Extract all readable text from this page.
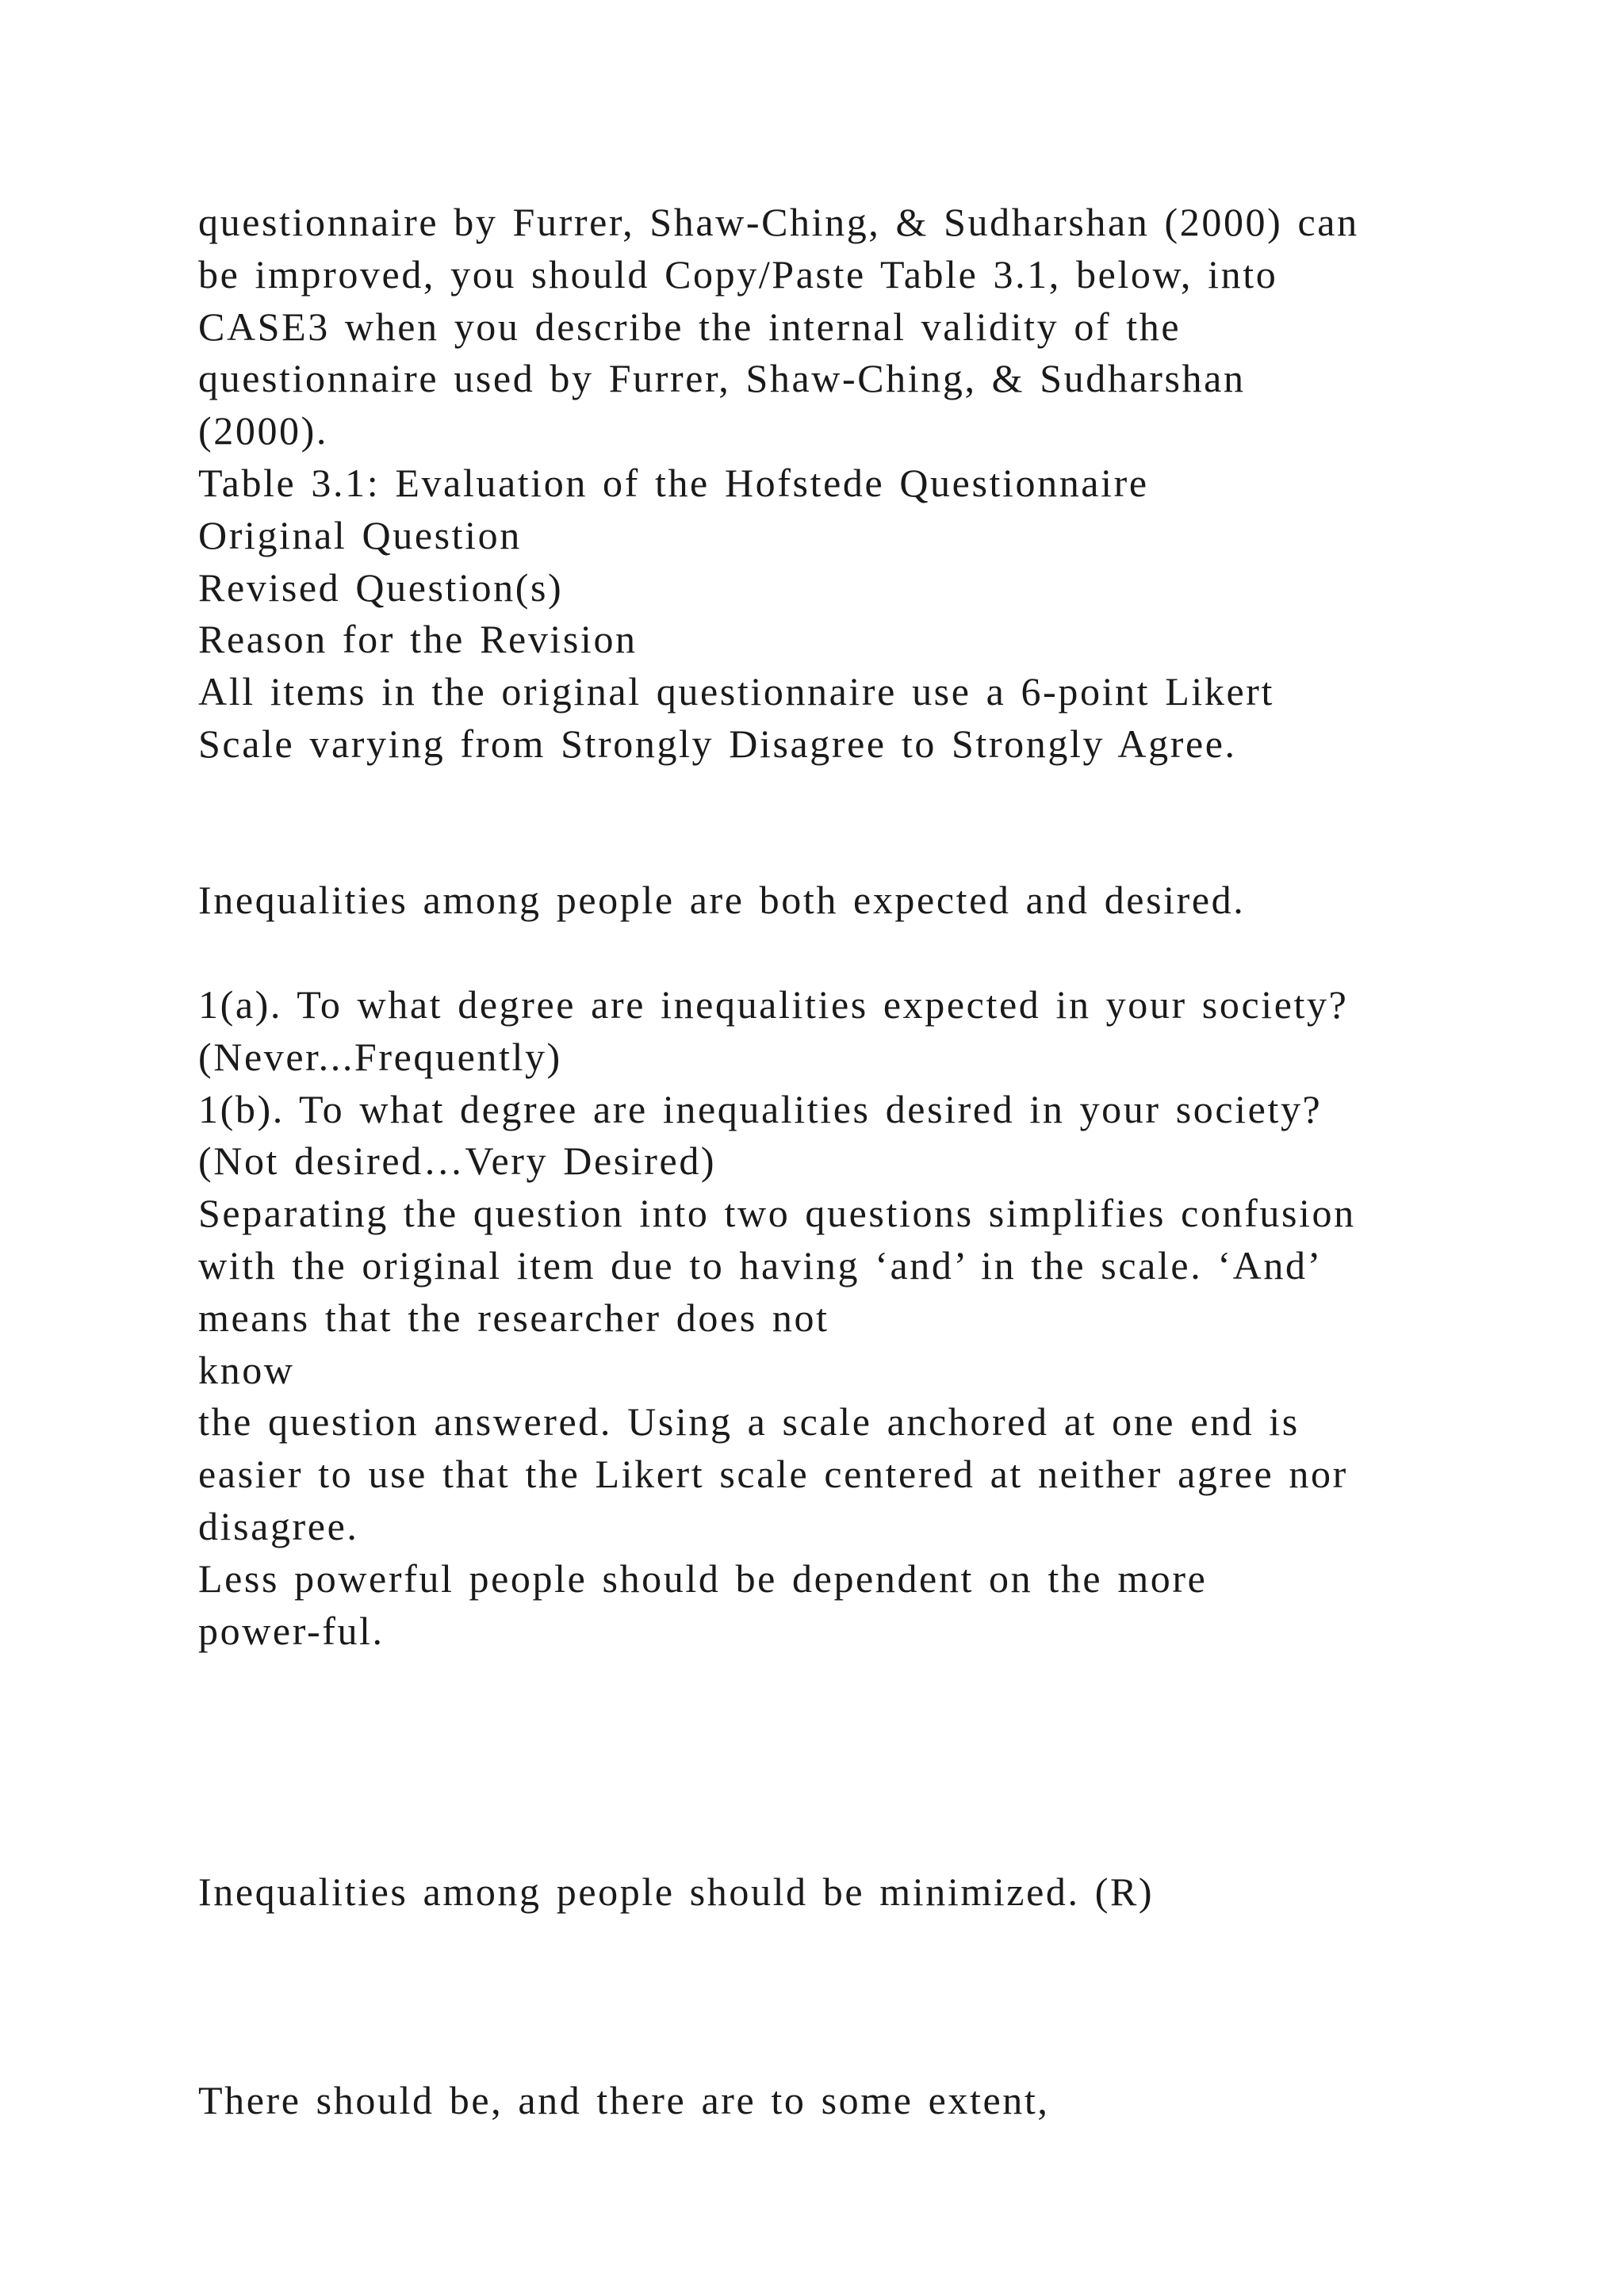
questionnaire by Furrer, Shaw-Ching, & Sudharshan (2000) can
be improved, you should Copy/Paste Table 3.1, below, into
CASE3 when you describe the internal validity of the
questionnaire used by Furrer, Shaw-Ching, & Sudharshan
(2000).
Table 3.1: Evaluation of the Hofstede Questionnaire
Original Question
Revised Question(s)
Reason for the Revision
All items in the original questionnaire use a 6-point Likert
Scale varying from Strongly Disagree to Strongly Agree.
Inequalities among people are both expected and desired.
1(a). To what degree are inequalities expected in your society?
(Never...Frequently)
1(b). To what degree are inequalities desired in your society?
(Not desired…Very Desired)
Separating the question into two questions simplifies confusion
with the original item due to having ‘and’ in the scale. ‘And’
means that the researcher does not
know
the question answered. Using a scale anchored at one end is
easier to use that the Likert scale centered at neither agree nor
disagree.
Less powerful people should be dependent on the more
power-ful.
Inequalities among people should be minimized. (R)
There should be, and there are to some extent,
